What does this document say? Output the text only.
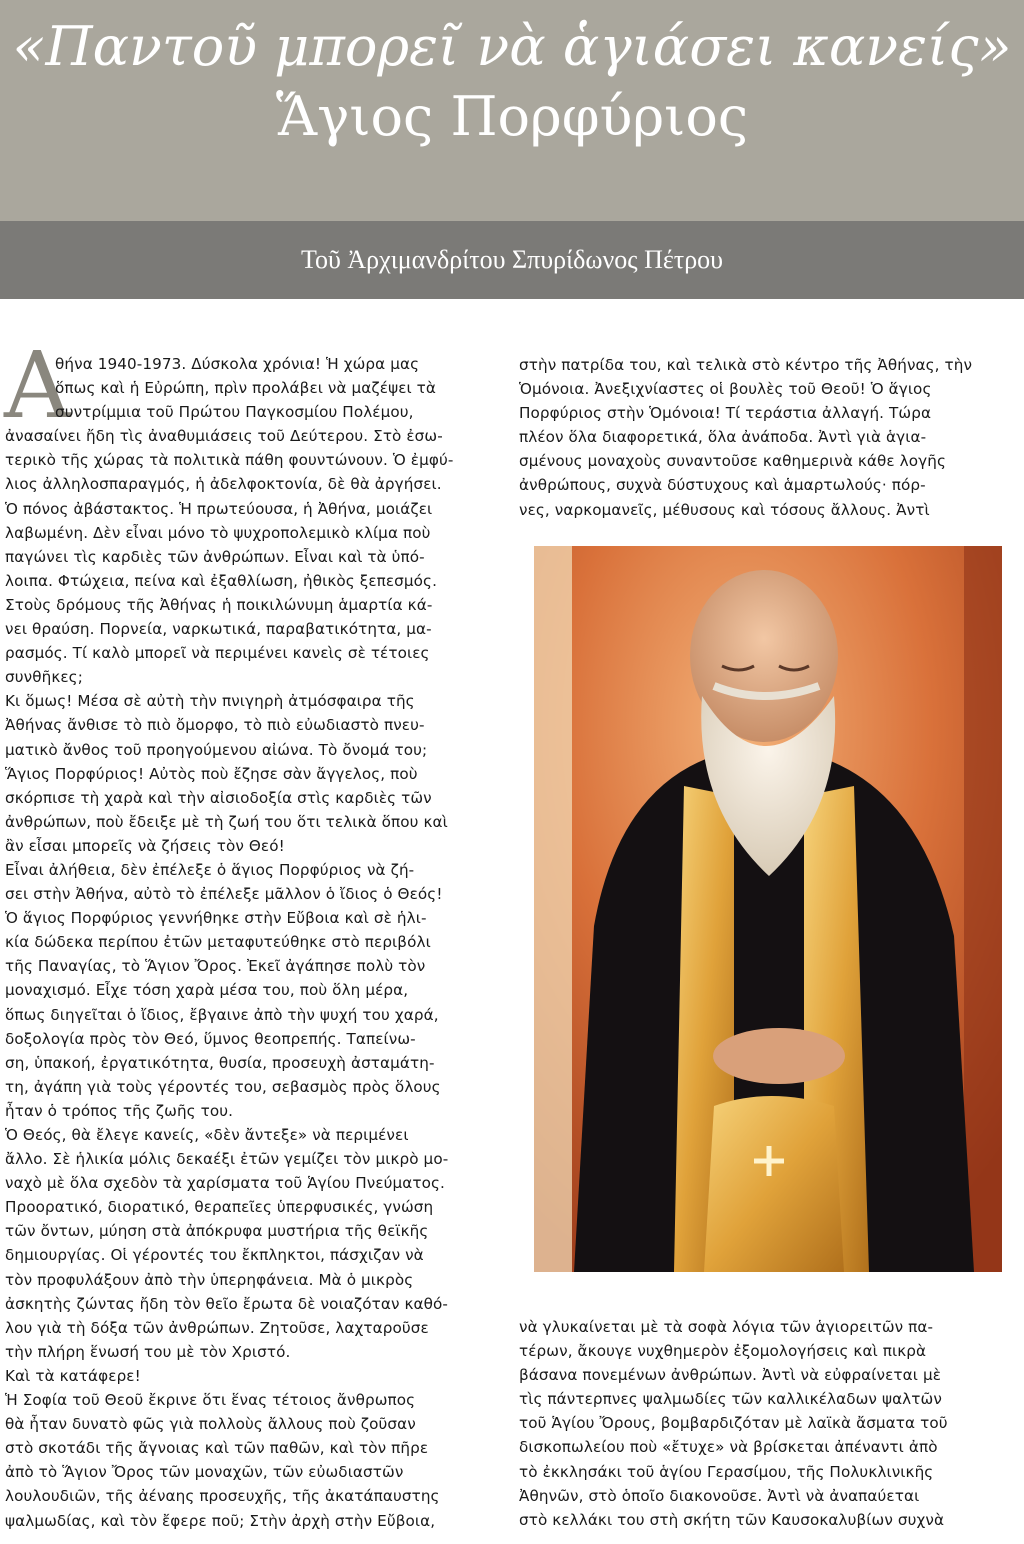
«Παντοῦ μπορεῖ νὰ ἁγιάσει κανείς»
Ἅγιος Πορφύριος
Τοῦ Ἀρχιμανδρίτου Σπυρίδωνος Πέτρου
Α
θήνα 1940-1973. Δύσκολα χρόνια! Ἡ χώρα μας
ὅπως καὶ ἡ Εὐρώπη, πρὶν προλάβει νὰ μαζέψει τὰ
συντρίμμια τοῦ Πρώτου Παγκοσμίου Πολέμου,
ἀνασαίνει ἤδη τὶς ἀναθυμιάσεις τοῦ Δεύτερου. Στὸ ἐσω-
τερικὸ τῆς χώρας τὰ πολιτικὰ πάθη φουντώνουν. Ὁ ἐμφύ-
λιος ἀλληλοσπαραγμός, ἡ ἀδελφοκτονία, δὲ θὰ ἀργήσει.
Ὁ πόνος ἀβάστακτος. Ἡ πρωτεύουσα, ἡ Ἀθήνα, μοιάζει
λαβωμένη. Δὲν εἶναι μόνο τὸ ψυχροπολεμικὸ κλίμα ποὺ
παγώνει τὶς καρδιὲς τῶν ἀνθρώπων. Εἶναι καὶ τὰ ὑπό-
λοιπα. Φτώχεια, πείνα καὶ ἐξαθλίωση, ἠθικὸς ξεπεσμός.
Στοὺς δρόμους τῆς Ἀθήνας ἡ ποικιλώνυμη ἁμαρτία κά-
νει θραύση. Πορνεία, ναρκωτικά, παραβατικότητα, μα-
ρασμός. Τί καλὸ μπορεῖ νὰ περιμένει κανεὶς σὲ τέτοιες
συνθῆκες;
Κι ὅμως! Μέσα σὲ αὐτὴ τὴν πνιγηρὴ ἀτμόσφαιρα τῆς
Ἀθήνας ἄνθισε τὸ πιὸ ὄμορφο, τὸ πιὸ εὐωδιαστὸ πνευ-
ματικὸ ἄνθος τοῦ προηγούμενου αἰώνα. Τὸ ὄνομά του;
Ἅγιος Πορφύριος! Αὐτὸς ποὺ ἔζησε σὰν ἄγγελος, ποὺ
σκόρπισε τὴ χαρὰ καὶ τὴν αἰσιοδοξία στὶς καρδιὲς τῶν
ἀνθρώπων, ποὺ ἔδειξε μὲ τὴ ζωή του ὅτι τελικὰ ὅπου καὶ
ἂν εἶσαι μπορεῖς νὰ ζήσεις τὸν Θεό!
Εἶναι ἀλήθεια, δὲν ἐπέλεξε ὁ ἅγιος Πορφύριος νὰ ζή-
σει στὴν Ἀθήνα, αὐτὸ τὸ ἐπέλεξε μᾶλλον ὁ ἴδιος ὁ Θεός!
Ὁ ἅγιος Πορφύριος γεννήθηκε στὴν Εὔβοια καὶ σὲ ἡλι-
κία δώδεκα περίπου ἐτῶν μεταφυτεύθηκε στὸ περιβόλι
τῆς Παναγίας, τὸ Ἅγιον Ὄρος. Ἐκεῖ ἀγάπησε πολὺ τὸν
μοναχισμό. Εἶχε τόση χαρὰ μέσα του, ποὺ ὅλη μέρα,
ὅπως διηγεῖται ὁ ἴδιος, ἔβγαινε ἀπὸ τὴν ψυχή του χαρά,
δοξολογία πρὸς τὸν Θεό, ὕμνος θεοπρεπής. Ταπείνω-
ση, ὑπακοή, ἐργατικότητα, θυσία, προσευχὴ ἀσταμάτη-
τη, ἀγάπη γιὰ τοὺς γέροντές του, σεβασμὸς πρὸς ὅλους
ἦταν ὁ τρόπος τῆς ζωῆς του.
Ὁ Θεός, θὰ ἔλεγε κανείς, «δὲν ἄντεξε» νὰ περιμένει
ἄλλο. Σὲ ἡλικία μόλις δεκαέξι ἐτῶν γεμίζει τὸν μικρὸ μο-
ναχὸ μὲ ὅλα σχεδὸν τὰ χαρίσματα τοῦ Ἁγίου Πνεύματος.
Προορατικό, διορατικό, θεραπεῖες ὑπερφυσικές, γνώση
τῶν ὄντων, μύηση στὰ ἀπόκρυφα μυστήρια τῆς θεϊκῆς
δημιουργίας. Οἱ γέροντές του ἔκπληκτοι, πάσχιζαν νὰ
τὸν προφυλάξουν ἀπὸ τὴν ὑπερηφάνεια. Μὰ ὁ μικρὸς
ἀσκητὴς ζώντας ἤδη τὸν θεῖο ἔρωτα δὲ νοιαζόταν καθό-
λου γιὰ τὴ δόξα τῶν ἀνθρώπων. Ζητοῦσε, λαχταροῦσε
τὴν πλήρη ἕνωσή του μὲ τὸν Χριστό.
Καὶ τὰ κατάφερε!
Ἡ Σοφία τοῦ Θεοῦ ἔκρινε ὅτι ἕνας τέτοιος ἄνθρωπος
θὰ ἦταν δυνατὸ φῶς γιὰ πολλοὺς ἄλλους ποὺ ζοῦσαν
στὸ σκοτάδι τῆς ἄγνοιας καὶ τῶν παθῶν, καὶ τὸν πῆρε
ἀπὸ τὸ Ἅγιον Ὄρος τῶν μοναχῶν, τῶν εὐωδιαστῶν
λουλουδιῶν, τῆς ἀέναης προσευχῆς, τῆς ἀκατάπαυστης
ψαλμωδίας, καὶ τὸν ἔφερε ποῦ; Στὴν ἀρχὴ στὴν Εὔβοια,
στὴν πατρίδα του, καὶ τελικὰ στὸ κέντρο τῆς Ἀθήνας, τὴν
Ὁμόνοια. Ἀνεξιχνίαστες οἱ βουλὲς τοῦ Θεοῦ! Ὁ ἅγιος
Πορφύριος στὴν Ὁμόνοια! Τί τεράστια ἀλλαγή. Τώρα
πλέον ὅλα διαφορετικά, ὅλα ἀνάποδα. Ἀντὶ γιὰ ἁγια-
σμένους μοναχοὺς συναντοῦσε καθημερινὰ κάθε λογῆς
ἀνθρώπους, συχνὰ δύστυχους καὶ ἁμαρτωλούς· πόρ-
νες, ναρκομανεῖς, μέθυσους καὶ τόσους ἄλλους. Ἀντὶ
νὰ γλυκαίνεται μὲ τὰ σοφὰ λόγια τῶν ἁγιορειτῶν πα-
τέρων, ἄκουγε νυχθημερὸν ἐξομολογήσεις καὶ πικρὰ
βάσανα πονεμένων ἀνθρώπων. Ἀντὶ νὰ εὐφραίνεται μὲ
τὶς πάντερπνες ψαλμωδίες τῶν καλλικέλαδων ψαλτῶν
τοῦ Ἁγίου Ὄρους, βομβαρδιζόταν μὲ λαϊκὰ ἄσματα τοῦ
δισκοπωλείου ποὺ «ἔτυχε» νὰ βρίσκεται ἀπέναντι ἀπὸ
τὸ ἐκκλησάκι τοῦ ἁγίου Γερασίμου, τῆς Πολυκλινικῆς
Ἀθηνῶν, στὸ ὁποῖο διακονοῦσε. Ἀντὶ νὰ ἀναπαύεται
στὸ κελλάκι του στὴ σκήτη τῶν Καυσοκαλυβίων συχνὰ
